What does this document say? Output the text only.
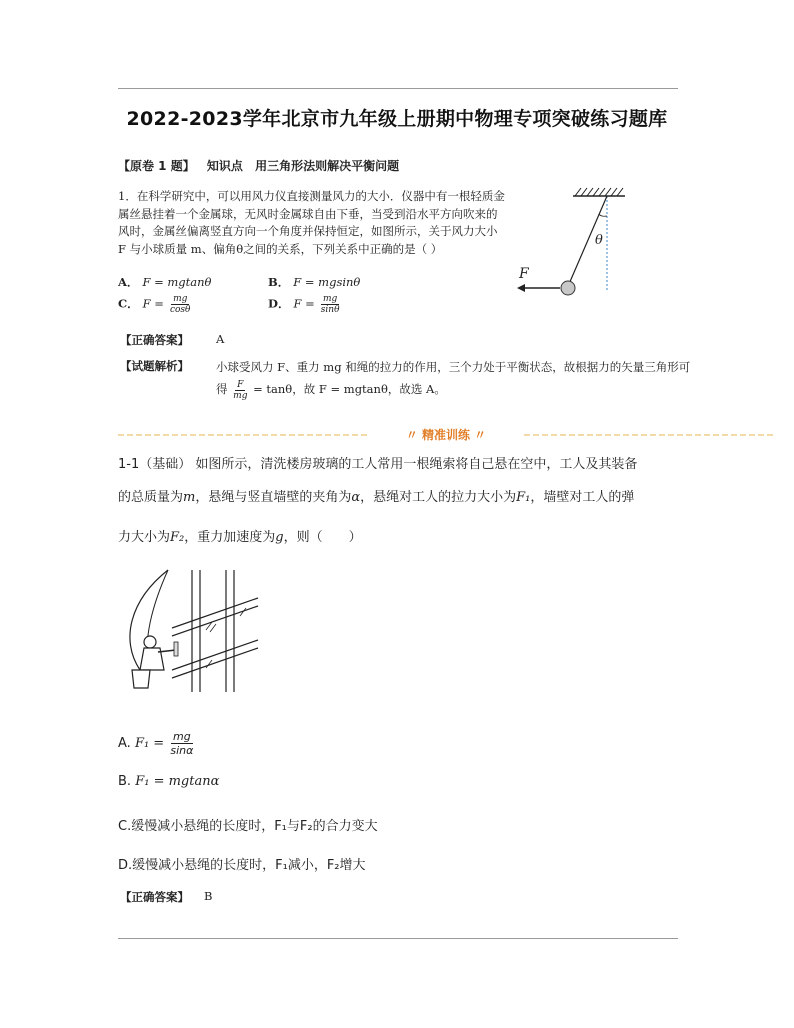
2022-2023学年北京市九年级上册期中物理专项突破练习题库
【原卷 1 题】 知识点 用三角形法则解决平衡问题
1．在科学研究中，可以用风力仪直接测量风力的大小．仪器中有一根轻质金属丝悬挂着一个金属球，无风时金属球自由下垂，当受到沿水平方向吹来的风时，金属丝偏离竖直方向一个角度并保持恒定，如图所示，关于风力大小 F 与小球质量 m、偏角θ之间的关系，下列关系中正确的是（ ）
θ
F
A． F = mgtanθ	B． F = mgsinθ
C． $F = \frac{mg}{\cos\theta}$	D． $F = \frac{mg}{\sin\theta}$
【正确答案】 A
【试题解析】 小球受风力 F、重力 mg 和绳的拉力的作用，三个力处于平衡状态，故根据力的矢量三角形可
得 $\frac{F}{mg} = \tan\theta$，故 F = mgtanθ，故选 A。
〃 精准训练 〃
1-1（基础） 如图所示，清洗楼房玻璃的工人常用一根绳索将自己悬在空中，工人及其装备
的总质量为m，悬绳与竖直墙壁的夹角为α，悬绳对工人的拉力大小为F₁，墙壁对工人的弹
力大小为F₂，重力加速度为g，则（　　）
A. $F_1 = \frac{mg}{\sin\alpha}$
B. F₁ = mgtanα
C.缓慢减小悬绳的长度时，F₁与F₂的合力变大
D.缓慢减小悬绳的长度时，F₁减小，F₂增大
【正确答案】 B
